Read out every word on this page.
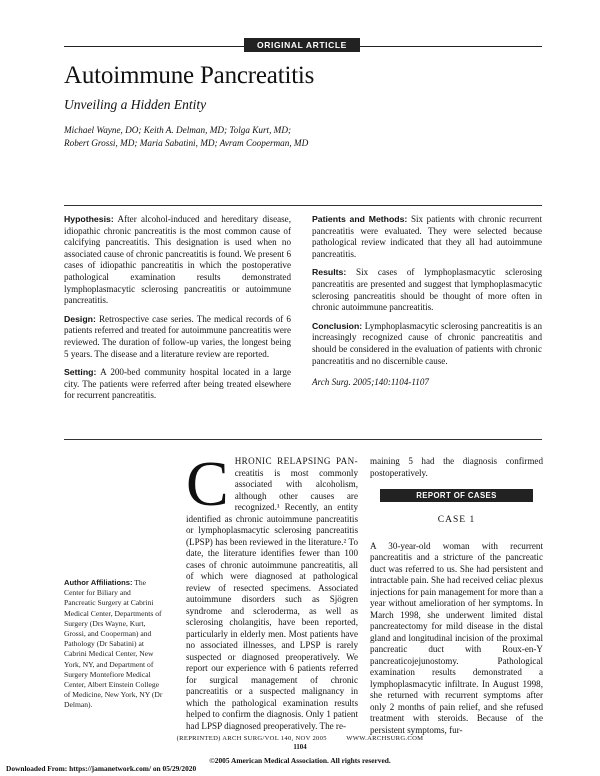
ORIGINAL ARTICLE
Autoimmune Pancreatitis
Unveiling a Hidden Entity
Michael Wayne, DO; Keith A. Delman, MD; Tolga Kurt, MD;
Robert Grossi, MD; Maria Sabatini, MD; Avram Cooperman, MD

Hypothesis: After alcohol-induced and hereditary disease, idiopathic chronic pancreatitis is the most common cause of calcifying pancreatitis. This designation is used when no associated cause of chronic pancreatitis is found. We present 6 cases of idiopathic pancreatitis in which the postoperative pathological examination results demonstrated lymphoplasmacytic sclerosing pancreatitis or autoimmune pancreatitis.

Design: Retrospective case series. The medical records of 6 patients referred and treated for autoimmune pancreatitis were reviewed. The duration of follow-up varies, the longest being 5 years. The disease and a literature review are reported.

Setting: A 200-bed community hospital located in a large city. The patients were referred after being treated elsewhere for recurrent pancreatitis.

Patients and Methods: Six patients with chronic recurrent pancreatitis were evaluated. They were selected because pathological review indicated that they all had autoimmune pancreatitis.

Results: Six cases of lymphoplasmacytic sclerosing pancreatitis are presented and suggest that lymphoplasmacytic sclerosing pancreatitis should be thought of more often in chronic autoimmune pancreatitis.

Conclusion: Lymphoplasmacytic sclerosing pancreatitis is an increasingly recognized cause of chronic pancreatitis and should be considered in the evaluation of patients with chronic pancreatitis and no discernible cause.

Arch Surg. 2005;140:1104-1107

Author Affiliations: The Center for Biliary and Pancreatic Surgery at Cabrini Medical Center, Departments of Surgery (Drs Wayne, Kurt, Grossi, and Cooperman) and Pathology (Dr Sabatini) at Cabrini Medical Center, New York, NY, and Department of Surgery Montefiore Medical Center, Albert Einstein College of Medicine, New York, NY (Dr Delman).
C HRONIC RELAPSING PAN- creatitis is most commonly associated with alcoholism, although other causes are recognized.¹ Recently, an entity identified as chronic autoimmune pancreatitis or lymphoplasmacytic sclerosing pancreatitis (LPSP) has been reviewed in the literature.² To date, the literature identifies fewer than 100 cases of chronic autoimmune pancreatitis, all of which were diagnosed at pathological review of resected specimens. Associated autoimmune disorders such as Sjögren syndrome and scleroderma, as well as sclerosing cholangitis, have been reported, particularly in elderly men. Most patients have no associated illnesses, and LPSP is rarely suspected or diagnosed preoperatively. We report our experience with 6 patients referred for surgical management of chronic pancreatitis or a suspected malignancy in which the pathological examination results helped to confirm the diagnosis. Only 1 patient had LPSP diagnosed preoperatively. The re-

maining 5 had the diagnosis confirmed postoperatively.

REPORT OF CASES

CASE 1

A 30-year-old woman with recurrent pancreatitis and a stricture of the pancreatic duct was referred to us. She had persistent and intractable pain. She had received celiac plexus injections for pain management for more than a year without amelioration of her symptoms. In March 1998, she underwent limited distal pancreatectomy for mild disease in the distal gland and longitudinal incision of the proximal pancreatic duct with Roux-en-Y pancreaticojejunostomy. Pathological examination results demonstrated a lymphoplasmacytic infiltrate. In August 1998, she returned with recurrent symptoms after only 2 months of pain relief, and she refused treatment with steroids. Because of the persistent symptoms, fur-

(REPRINTED) ARCH SURG/VOL 140, NOV 2005          WWW.ARCHSURG.COM
1104
©2005 American Medical Association. All rights reserved.
Downloaded From: https://jamanetwork.com/ on 05/29/2020
